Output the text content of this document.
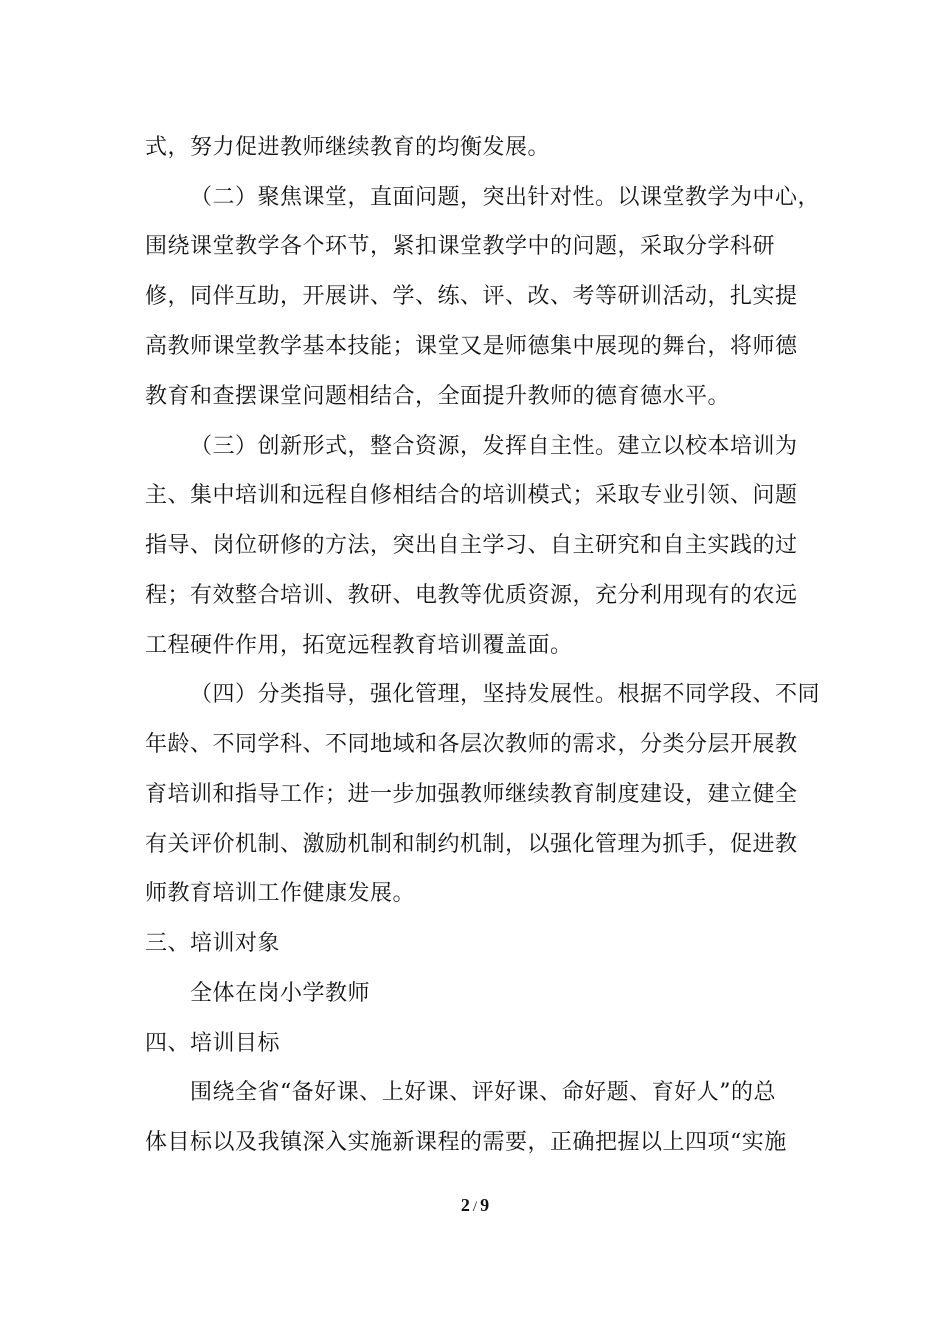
式，努力促进教师继续教育的均衡发展。
（二）聚焦课堂，直面问题，突出针对性。以课堂教学为中心，
围绕课堂教学各个环节，紧扣课堂教学中的问题，采取分学科研
修，同伴互助，开展讲、学、练、评、改、考等研训活动，扎实提
高教师课堂教学基本技能；课堂又是师德集中展现的舞台，将师德
教育和查摆课堂问题相结合，全面提升教师的德育德水平。
（三）创新形式，整合资源，发挥自主性。建立以校本培训为
主、集中培训和远程自修相结合的培训模式；采取专业引领、问题
指导、岗位研修的方法，突出自主学习、自主研究和自主实践的过
程；有效整合培训、教研、电教等优质资源，充分利用现有的农远
工程硬件作用，拓宽远程教育培训覆盖面。
（四）分类指导，强化管理，坚持发展性。根据不同学段、不同
年龄、不同学科、不同地域和各层次教师的需求，分类分层开展教
育培训和指导工作；进一步加强教师继续教育制度建设，建立健全
有关评价机制、激励机制和制约机制，以强化管理为抓手，促进教
师教育培训工作健康发展。
三、培训对象
全体在岗小学教师
四、培训目标
围绕全省“备好课、上好课、评好课、命好题、育好人”的总
体目标以及我镇深入实施新课程的需要，正确把握以上四项“实施
2 / 9
